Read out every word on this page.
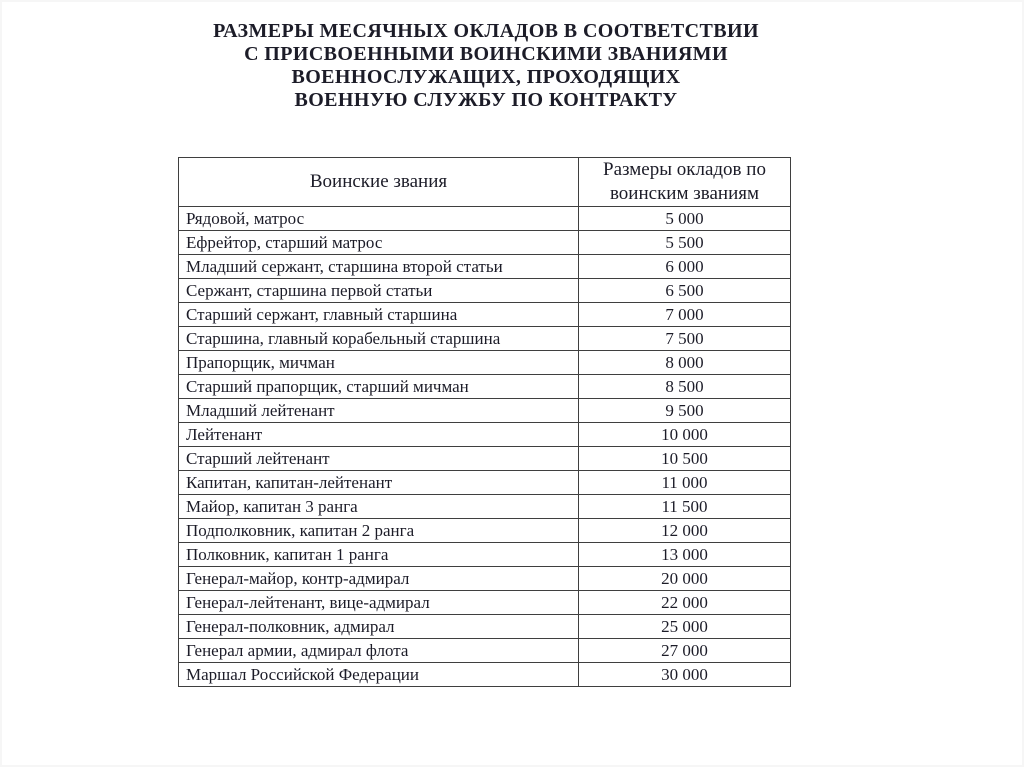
РАЗМЕРЫ МЕСЯЧНЫХ ОКЛАДОВ В СООТВЕТСТВИИ
С ПРИСВОЕННЫМИ ВОИНСКИМИ ЗВАНИЯМИ
ВОЕННОСЛУЖАЩИХ, ПРОХОДЯЩИХ
ВОЕННУЮ СЛУЖБУ ПО КОНТРАКТУ
Воинские звания	Размеры окладов по воинским званиям
Рядовой, матрос	5 000
Ефрейтор, старший матрос	5 500
Младший сержант, старшина второй статьи	6 000
Сержант, старшина первой статьи	6 500
Старший сержант, главный старшина	7 000
Старшина, главный корабельный старшина	7 500
Прапорщик, мичман	8 000
Старший прапорщик, старший мичман	8 500
Младший лейтенант	9 500
Лейтенант	10 000
Старший лейтенант	10 500
Капитан, капитан-лейтенант	11 000
Майор, капитан 3 ранга	11 500
Подполковник, капитан 2 ранга	12 000
Полковник, капитан 1 ранга	13 000
Генерал-майор, контр-адмирал	20 000
Генерал-лейтенант, вице-адмирал	22 000
Генерал-полковник, адмирал	25 000
Генерал армии, адмирал флота	27 000
Маршал Российской Федерации	30 000
